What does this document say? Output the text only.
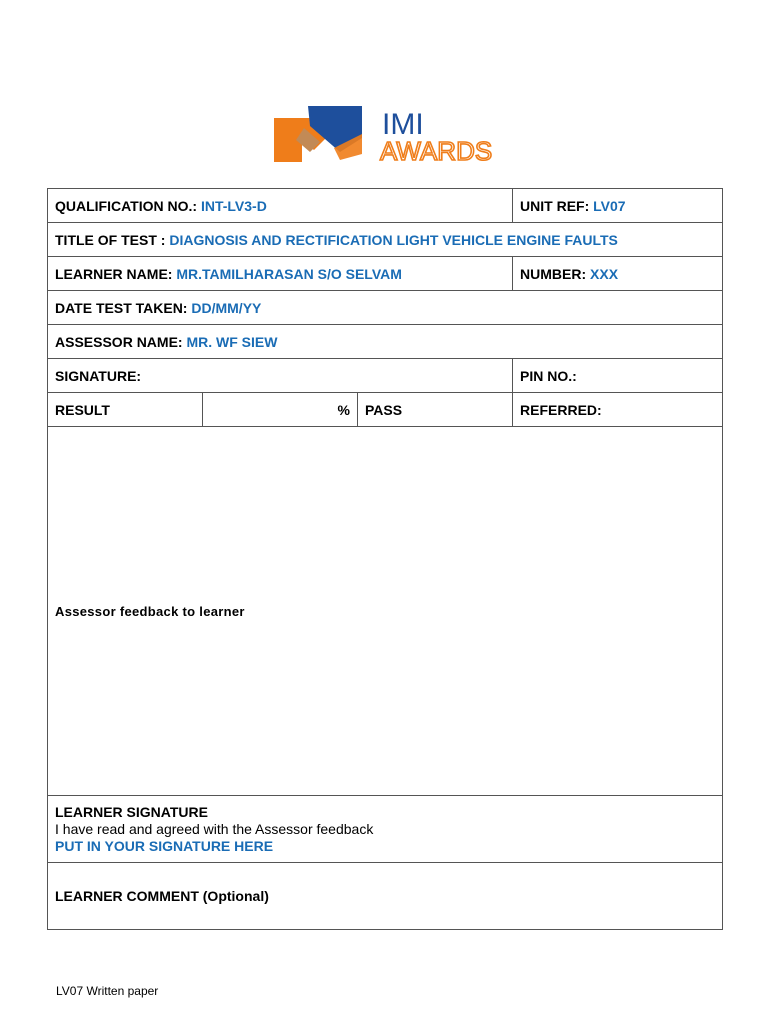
IMI
AWARDS
QUALIFICATION NO.: INT-LV3-D			UNIT REF: LV07
TITLE OF TEST : DIAGNOSIS AND RECTIFICATION LIGHT VEHICLE ENGINE FAULTS			
LEARNER NAME: MR.TAMILHARASAN S/O SELVAM			NUMBER: XXX
DATE TEST TAKEN: DD/MM/YY			
ASSESSOR NAME: MR. WF SIEW			
SIGNATURE:			PIN NO.:
RESULT	%	PASS	REFERRED:

Assessor feedback to learner			

LEARNER SIGNATURE
I have read and agreed with the Assessor feedback
PUT IN YOUR SIGNATURE HERE			

LEARNER COMMENT (Optional)			
LV07 Written paper
